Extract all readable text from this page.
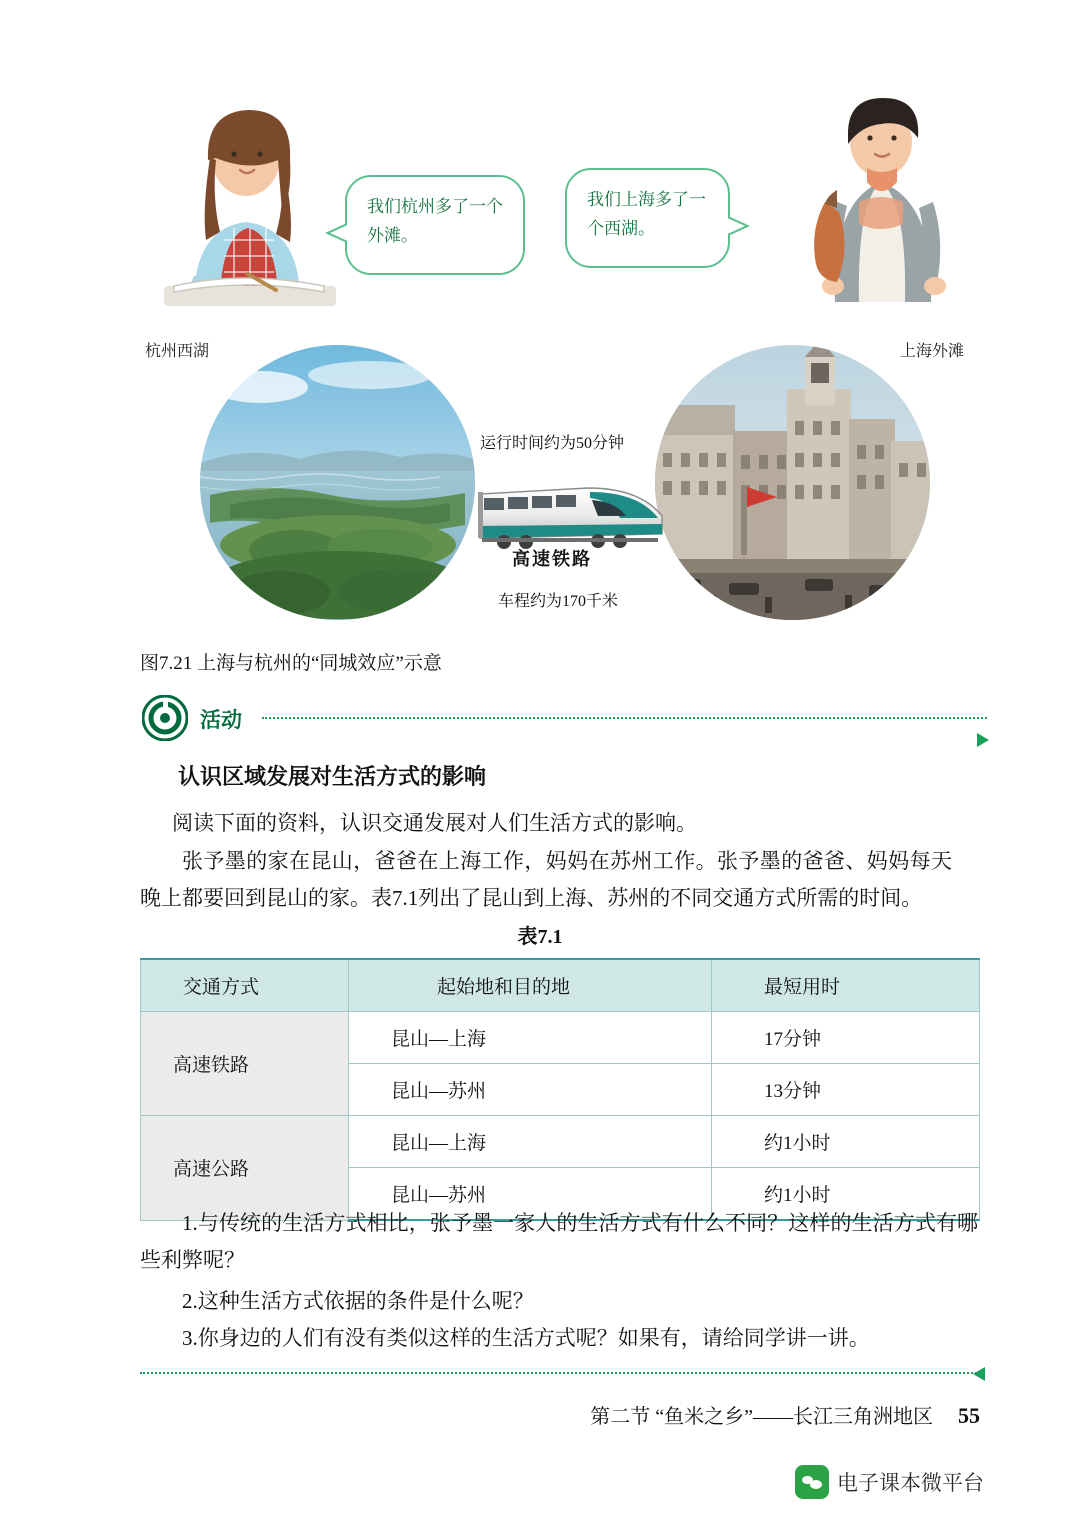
我们杭州多了一个外滩。
我们上海多了一个西湖。
杭州西湖	上海外滩
运行时间约为50分钟
高速铁路
车程约为170千米
图7.21 上海与杭州的“同城效应”示意
活动
认识区域发展对生活方式的影响
阅读下面的资料，认识交通发展对人们生活方式的影响。
张予墨的家在昆山，爸爸在上海工作，妈妈在苏州工作。张予墨的爸爸、妈妈每天晚上都要回到昆山的家。表7.1列出了昆山到上海、苏州的不同交通方式所需的时间。
表7.1
交通方式	起始地和目的地	最短用时
高速铁路	昆山—上海	17分钟
	昆山—苏州	13分钟
高速公路	昆山—上海	约1小时
	昆山—苏州	约1小时
1.与传统的生活方式相比，张予墨一家人的生活方式有什么不同？这样的生活方式有哪些利弊呢？
2.这种生活方式依据的条件是什么呢？
3.你身边的人们有没有类似这样的生活方式呢？如果有，请给同学讲一讲。
第二节 “鱼米之乡”——长江三角洲地区 55
电子课本微平台
